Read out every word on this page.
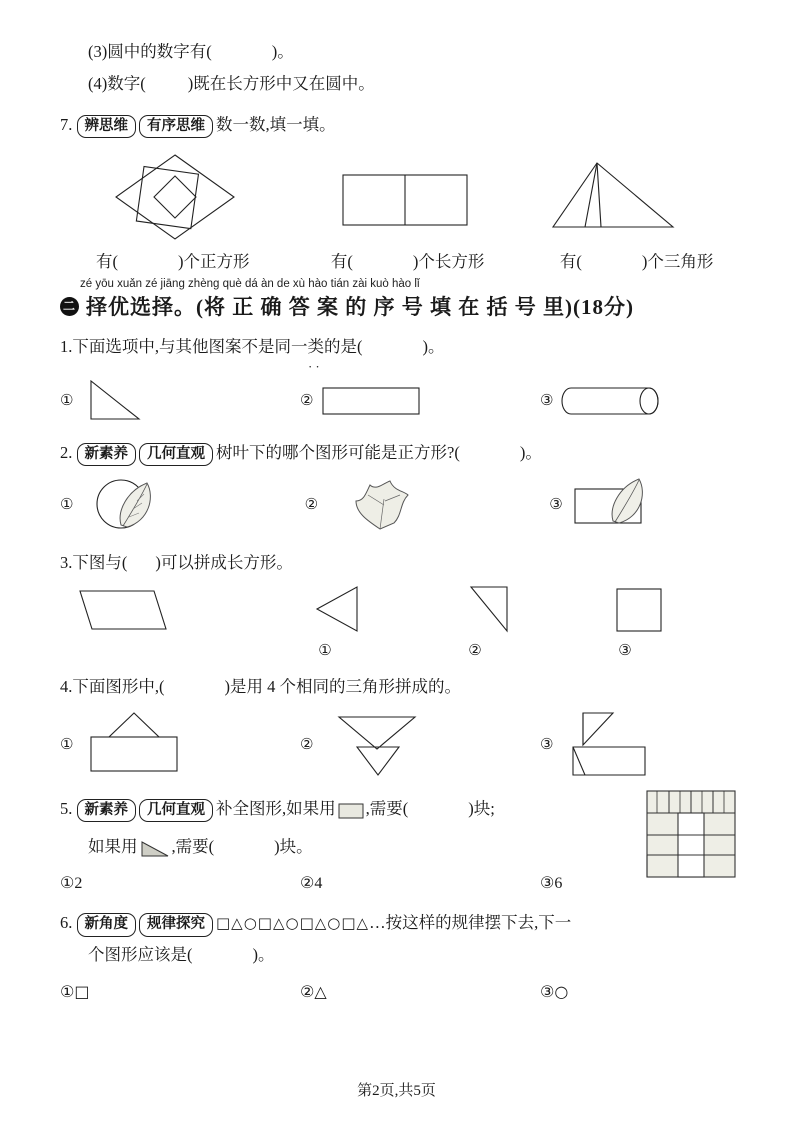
(3)圆中的数字有(	)。
(4)数字(	)既在长方形中又在圆中。
7. 辨思维 有序思维 数一数,填一填。
有(	)个正方形	有(	)个长方形	有(	)个三角形
zé yōu xuǎn zé jiāng zhèng què dá àn de xù hào tián zài kuò hào lǐ
二 择优选择。(将 正 确 答 案 的 序 号 填 在 括 号 里)(18分)
1.下面选项中,与其他图案不是同一类的是(	)。
··
①	②	③
2. 新素养 几何直观 树叶下的哪个图形可能是正方形?(	)。
①	②	③
3.下图与( )可以拼成长方形。
①	②	③
4.下面图形中,(	)是用 4 个相同的三角形拼成的。
①	②	③
5. 新素养 几何直观 补全图形,如果用 ,需要(	)块;
如果用 ,需要(	)块。
①2	②4	③6
6. 新角度 规律探究 □△○□△○□△○□△…按这样的规律摆下去,下一
个图形应该是(	)。
①□	②△	③○
第2页,共5页
